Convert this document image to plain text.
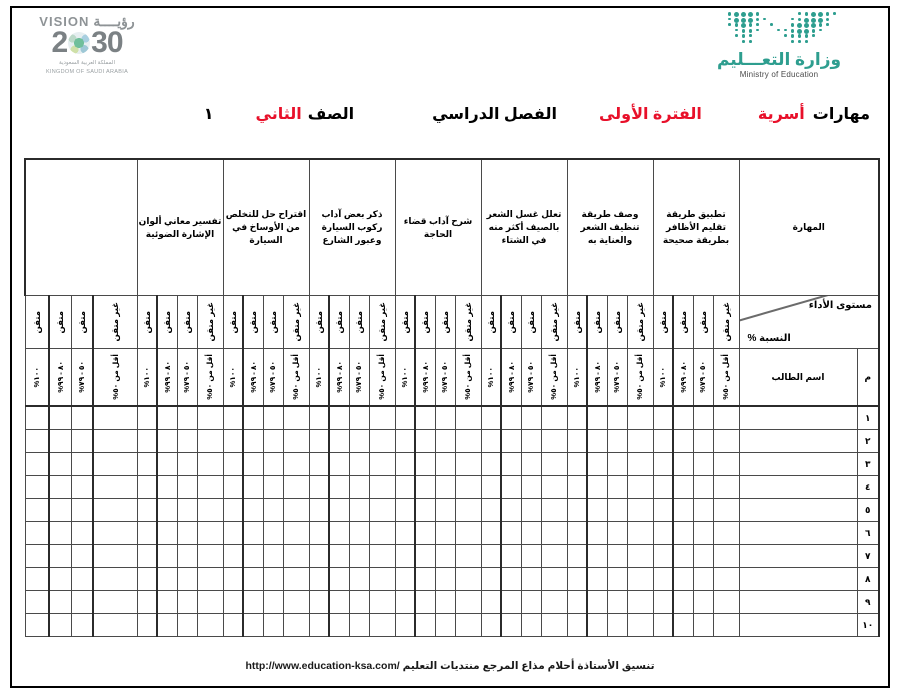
VISION رؤيــــة
2 30
المملكة العربية السعودية
KINGDOM OF SAUDI ARABIA
وزارة التعـــليم
Ministry of Education
مهارات
أسرية
الفترة الأولى
الفصل الدراسي
الصف
الثاني
١
المهارة		تطبيق طريقة تقليم الأظافر بطريقة صحيحة				وصف طريقة تنظيف الشعر والعناية به				تعلل غسل الشعر بالصيف أكثر منه في الشتاء				شرح آداب قضاء الحاجة				ذكر بعض آداب ركوب السيارة وعبور الشارع				اقتراح حل للتخلص من الأوساخ في السيارة				تفسير معاني ألوان الإشارة الضوئية							

مستوى الأداء
النسبة %		غير متقن	متقن	متقن	متقن	غير متقن	متقن	متقن	متقن	غير متقن	متقن	متقن	متقن	غير متقن	متقن	متقن	متقن	غير متقن	متقن	متقن	متقن	غير متقن	متقن	متقن	متقن	غير متقن	متقن	متقن	متقن	غير متقن	متقن	متقن	متقن

م	اسم الطالب	أقل من ٥٠%	٥٠ - ٧٩%	٨٠ - ٩٩%	١٠٠%	أقل من ٥٠%	٥٠ - ٧٩%	٨٠ - ٩٩%	١٠٠%	أقل من ٥٠%	٥٠ - ٧٩%	٨٠ - ٩٩%	١٠٠%	أقل من ٥٠%	٥٠ - ٧٩%	٨٠ - ٩٩%	١٠٠%	أقل من ٥٠%	٥٠ - ٧٩%	٨٠ - ٩٩%	١٠٠%	أقل من ٥٠%	٥٠ - ٧٩%	٨٠ - ٩٩%	١٠٠%	أقل من ٥٠%	٥٠ - ٧٩%	٨٠ - ٩٩%	١٠٠%	أقل من ٥٠%	٥٠ - ٧٩%	٨٠ - ٩٩%	١٠٠%

١																																	
٢																																	
٣																																	
٤																																	
٥																																	
٦																																	
٧																																	
٨																																	
٩																																	
١٠																																	
تنسيق الأستاذة أحلام مذاع المرجع منتديات التعليم http://www.education-ksa.com/
